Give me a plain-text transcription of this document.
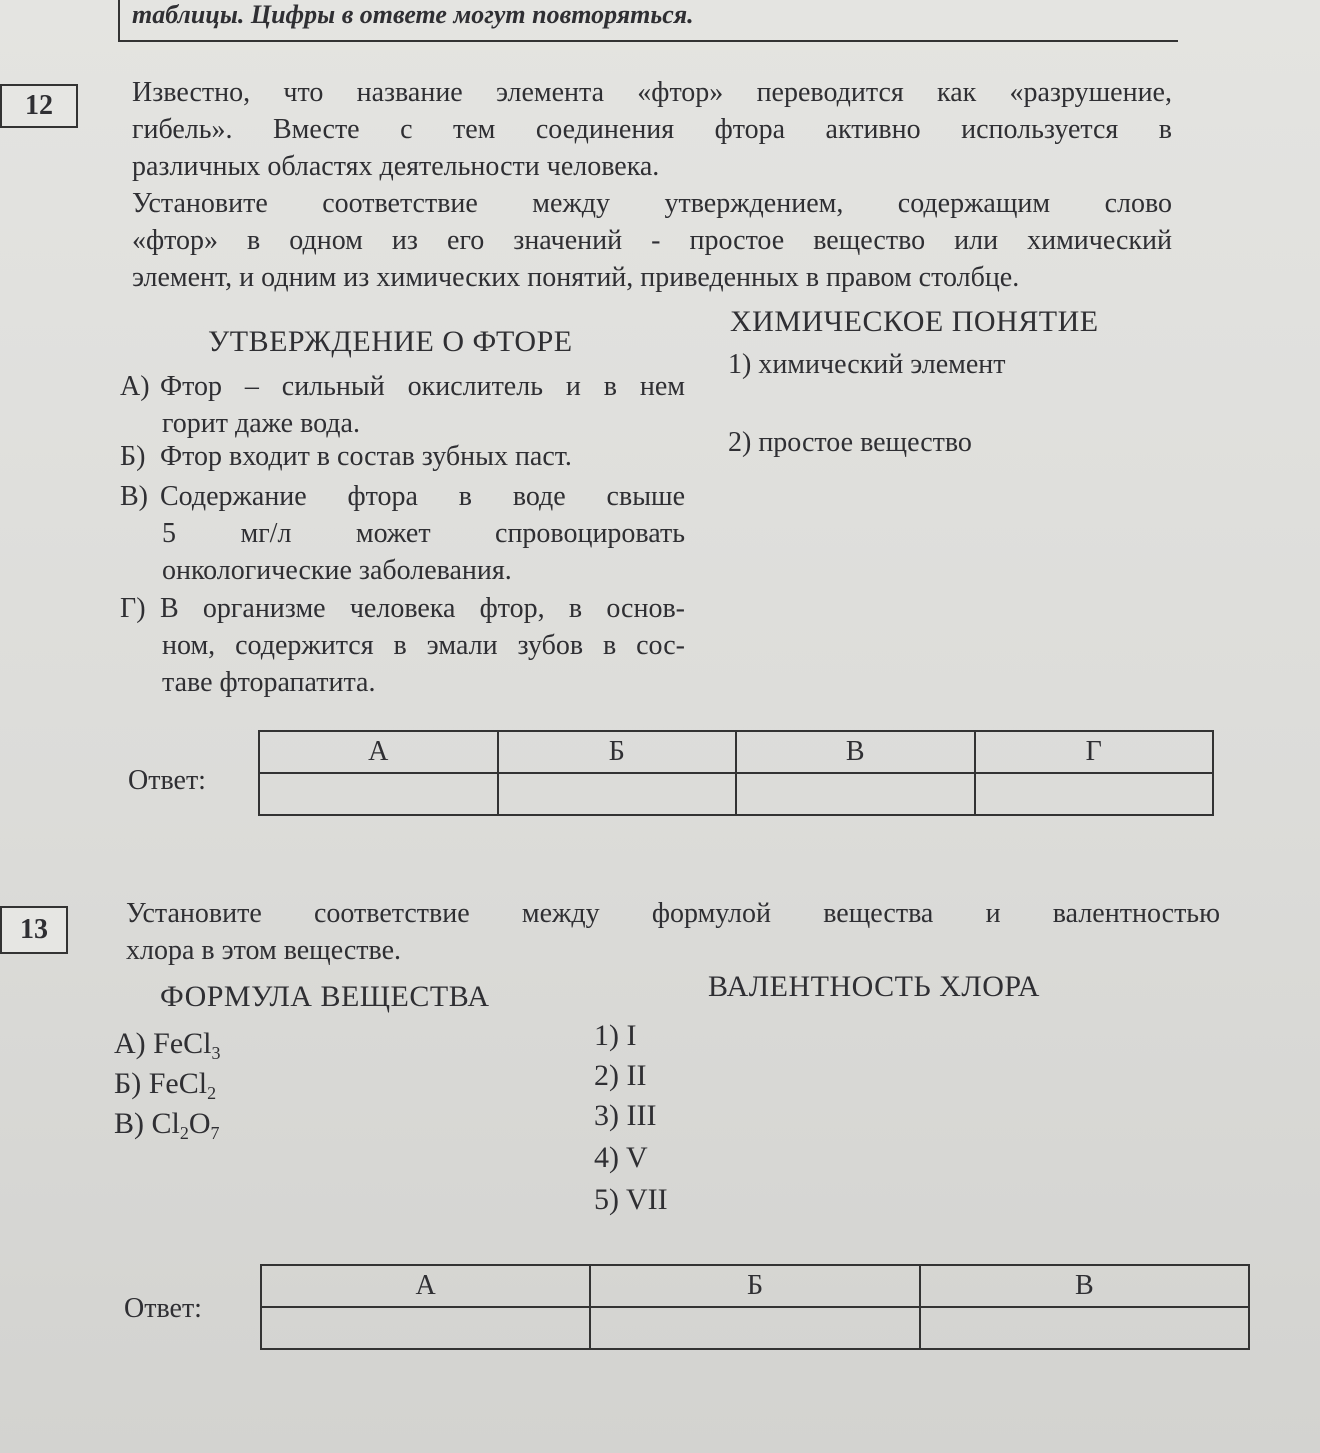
таблицы. Цифры в ответе могут повторяться.
12	Известно, что название элемента «фтор» переводится как «разрушение,
гибель». Вместе с тем соединения фтора активно используется в
различных областях деятельности человека.
Установите соответствие между утверждением, содержащим слово
«фтор» в одном из его значений - простое вещество или химический
элемент, и одним из химических понятий, приведенных в правом столбце.
УТВЕРЖДЕНИЕ О ФТОРЕ
ХИМИЧЕСКОЕ ПОНЯТИЕ
А) Фтор – сильный окислитель и в нем
горит даже вода.
Б) Фтор входит в состав зубных паст.
В) Содержание фтора в воде свыше
5 мг/л может спровоцировать
онкологические заболевания.
Г) В организме человека фтор, в основ-
ном, содержится в эмали зубов в сос-
таве фторапатита.
1) химический элемент
2) простое вещество
Ответ:
А	Б	В	Г

13
Установите соответствие между формулой вещества и валентностью
хлора в этом веществе.
ФОРМУЛА ВЕЩЕСТВА	ВАЛЕНТНОСТЬ ХЛОРА
А) FeCl$_3$
Б) FeCl$_2$
В) $Cl_2O_7$
1) I
2) II
3) III
4) V
5) VII
Ответ:
А	Б	В
